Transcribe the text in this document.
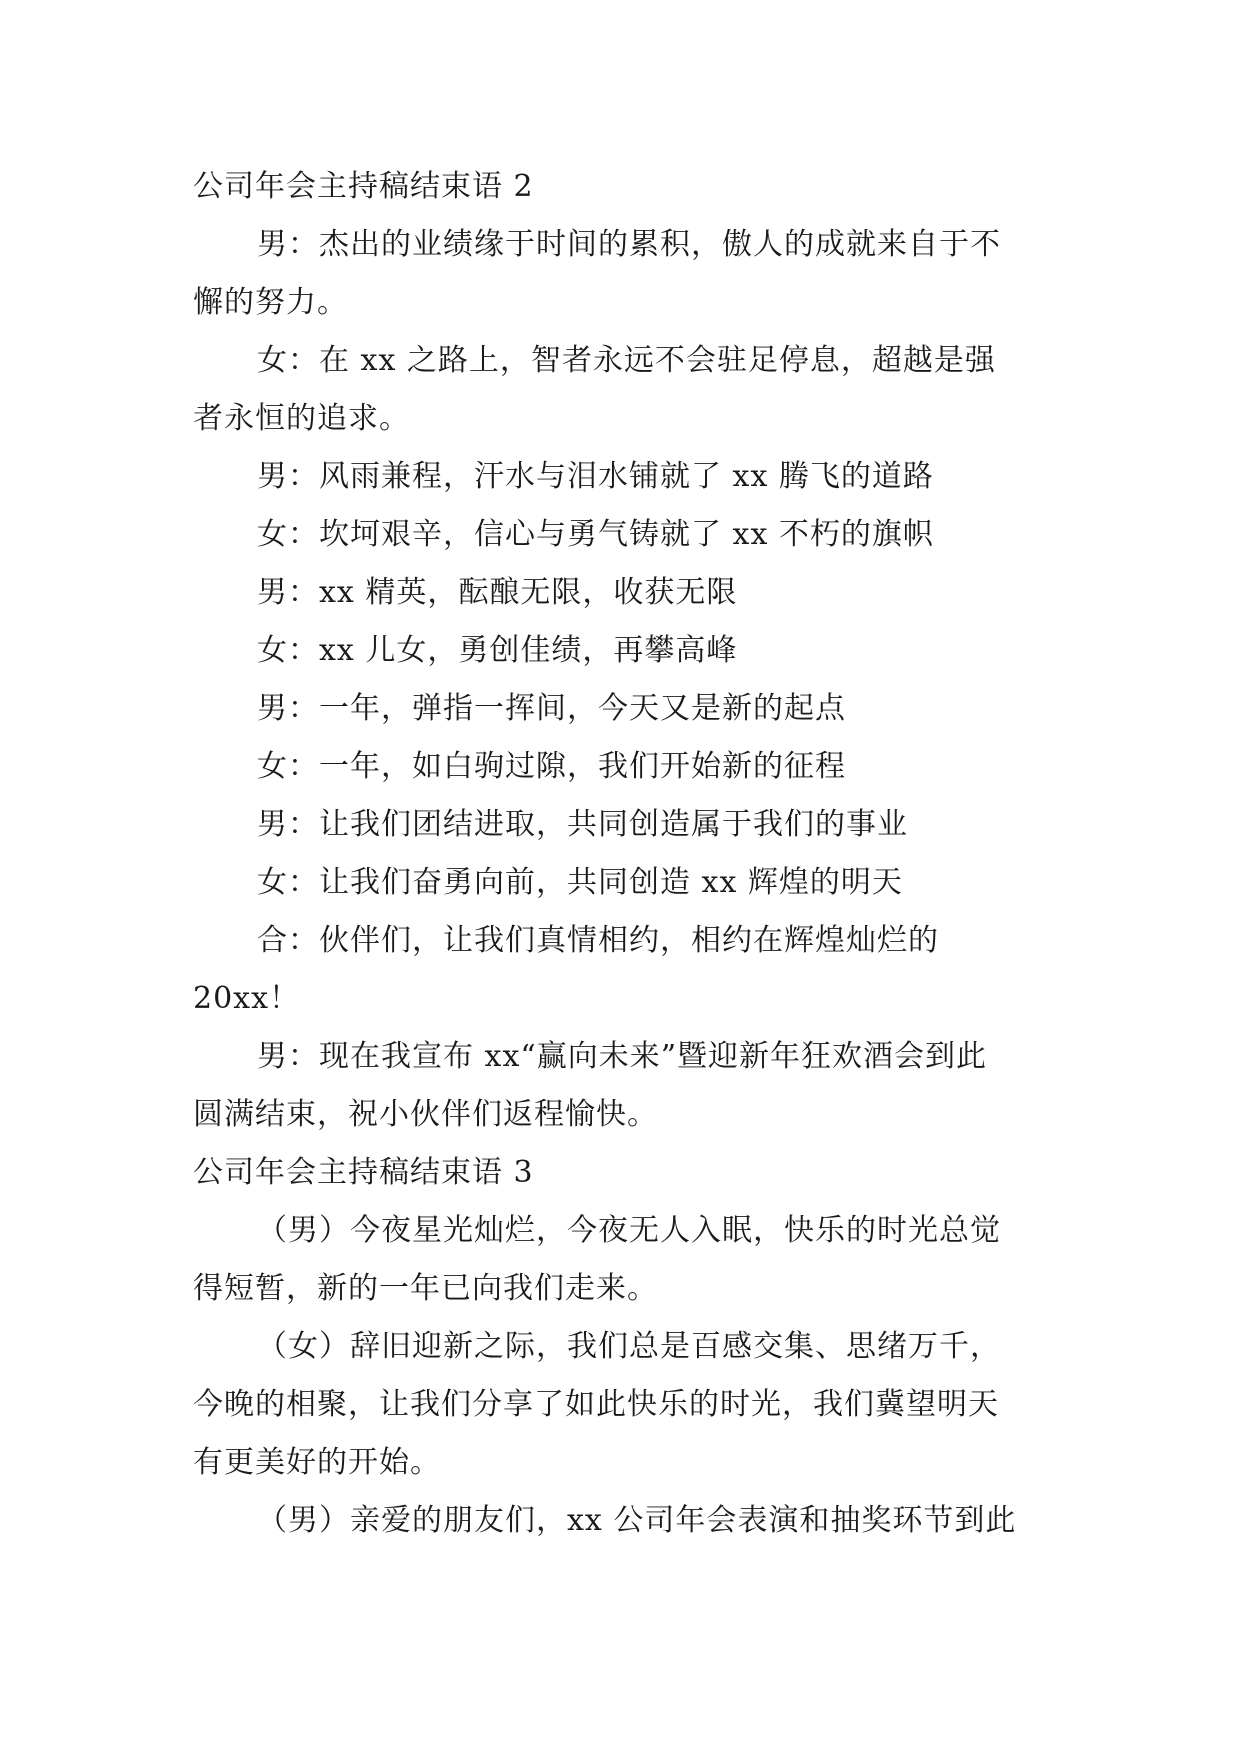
公司年会主持稿结束语 2
男：杰出的业绩缘于时间的累积，傲人的成就来自于不
懈的努力。
女：在 xx 之路上，智者永远不会驻足停息，超越是强
者永恒的追求。
男：风雨兼程，汗水与泪水铺就了 xx 腾飞的道路
女：坎坷艰辛，信心与勇气铸就了 xx 不朽的旗帜
男：xx 精英，酝酿无限，收获无限
女：xx 儿女，勇创佳绩，再攀高峰
男：一年，弹指一挥间，今天又是新的起点
女：一年，如白驹过隙，我们开始新的征程
男：让我们团结进取，共同创造属于我们的事业
女：让我们奋勇向前，共同创造 xx 辉煌的明天
合：伙伴们，让我们真情相约，相约在辉煌灿烂的
20xx！
男：现在我宣布 xx“赢向未来”暨迎新年狂欢酒会到此
圆满结束，祝小伙伴们返程愉快。
公司年会主持稿结束语 3
（男）今夜星光灿烂，今夜无人入眠，快乐的时光总觉
得短暂，新的一年已向我们走来。
（女）辞旧迎新之际，我们总是百感交集、思绪万千，
今晚的相聚，让我们分享了如此快乐的时光，我们冀望明天
有更美好的开始。
（男）亲爱的朋友们，xx 公司年会表演和抽奖环节到此
